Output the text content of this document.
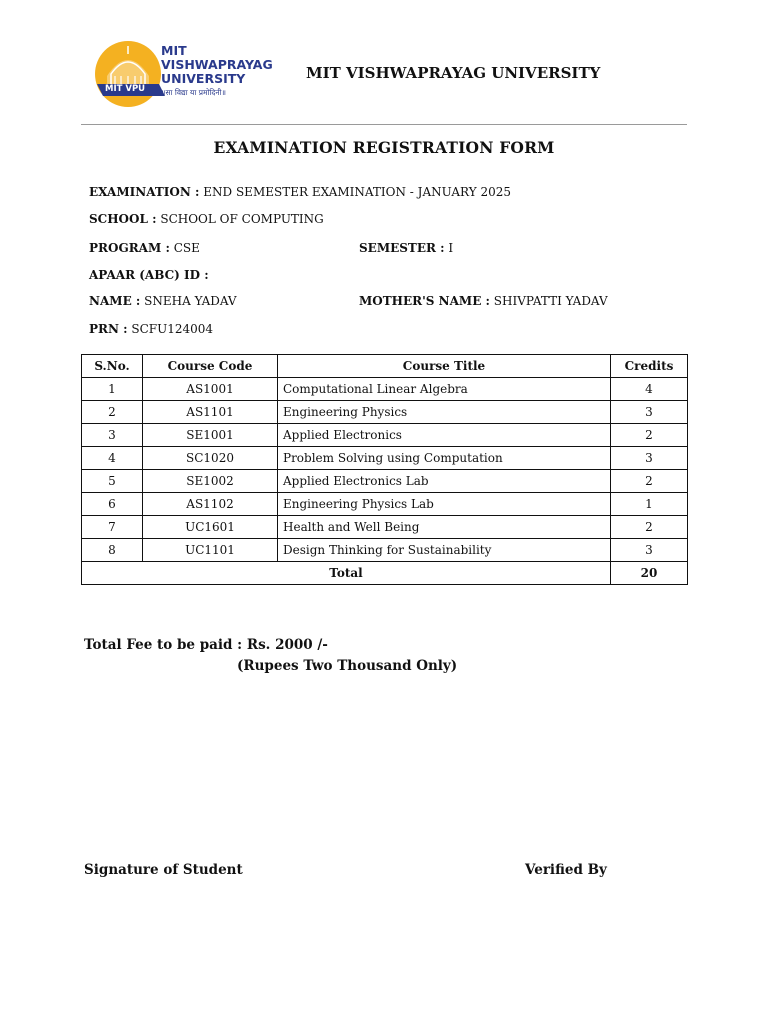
MIT
VISHWAPRAYAG
UNIVERSITY
MIT VPU ॥सा विद्या या प्रमोदिनी॥
MIT VISHWAPRAYAG UNIVERSITY
EXAMINATION REGISTRATION FORM
EXAMINATION : END SEMESTER EXAMINATION - JANUARY 2025
SCHOOL : SCHOOL OF COMPUTING
PROGRAM : CSE	SEMESTER : I
APAAR (ABC) ID :
NAME : SNEHA YADAV	MOTHER'S NAME : SHIVPATTI YADAV
PRN : SCFU124004
S.No.	Course Code	Course Title	Credits
1	AS1001	Computational Linear Algebra	4
2	AS1101	Engineering Physics	3
3	SE1001	Applied Electronics	2
4	SC1020	Problem Solving using Computation	3
5	SE1002	Applied Electronics Lab	2
6	AS1102	Engineering Physics Lab	1
7	UC1601	Health and Well Being	2
8	UC1101	Design Thinking for Sustainability	3
Total			20
Total Fee to be paid : Rs. 2000 /-
(Rupees Two Thousand Only)
Signature of Student	Verified By
